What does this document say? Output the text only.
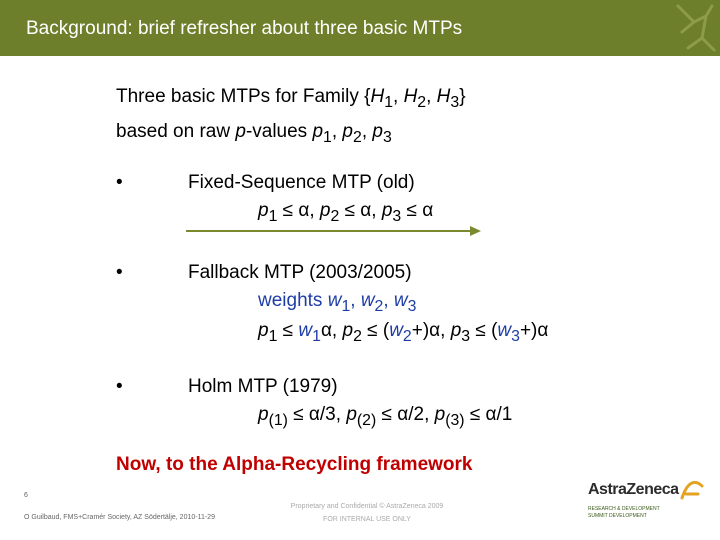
Background: brief refresher about three basic MTPs
Three basic MTPs for Family {$H_1$, $H_2$, $H_3$}
based on raw p-values $p_1$, $p_2$, $p_3$
•	Fixed-Sequence MTP (old)
$p_1 \le \alpha$, $p_2 \le \alpha$, $p_3 \le \alpha$
•	Fallback MTP (2003/2005)
weights $w_1$, $w_2$, $w_3$
$p_1 \le w_1\alpha$, $p_2 \le (w_2+)\alpha$, $p_3 \le (w_3+)\alpha$
•	Holm MTP (1979)
$p_{(1)} \le \alpha/3$, $p_{(2)} \le \alpha/2$, $p_{(3)} \le \alpha/1$
Now, to the Alpha-Recycling framework
6
O Guilbaud, FMS+Cramér Society, AZ Södertälje, 2010-11-29
Proprietary and Confidential © AstraZeneca 2009
FOR INTERNAL USE ONLY
AstraZeneca
RESEARCH & DEVELOPMENT
SUMMIT DEVELOPMENT
